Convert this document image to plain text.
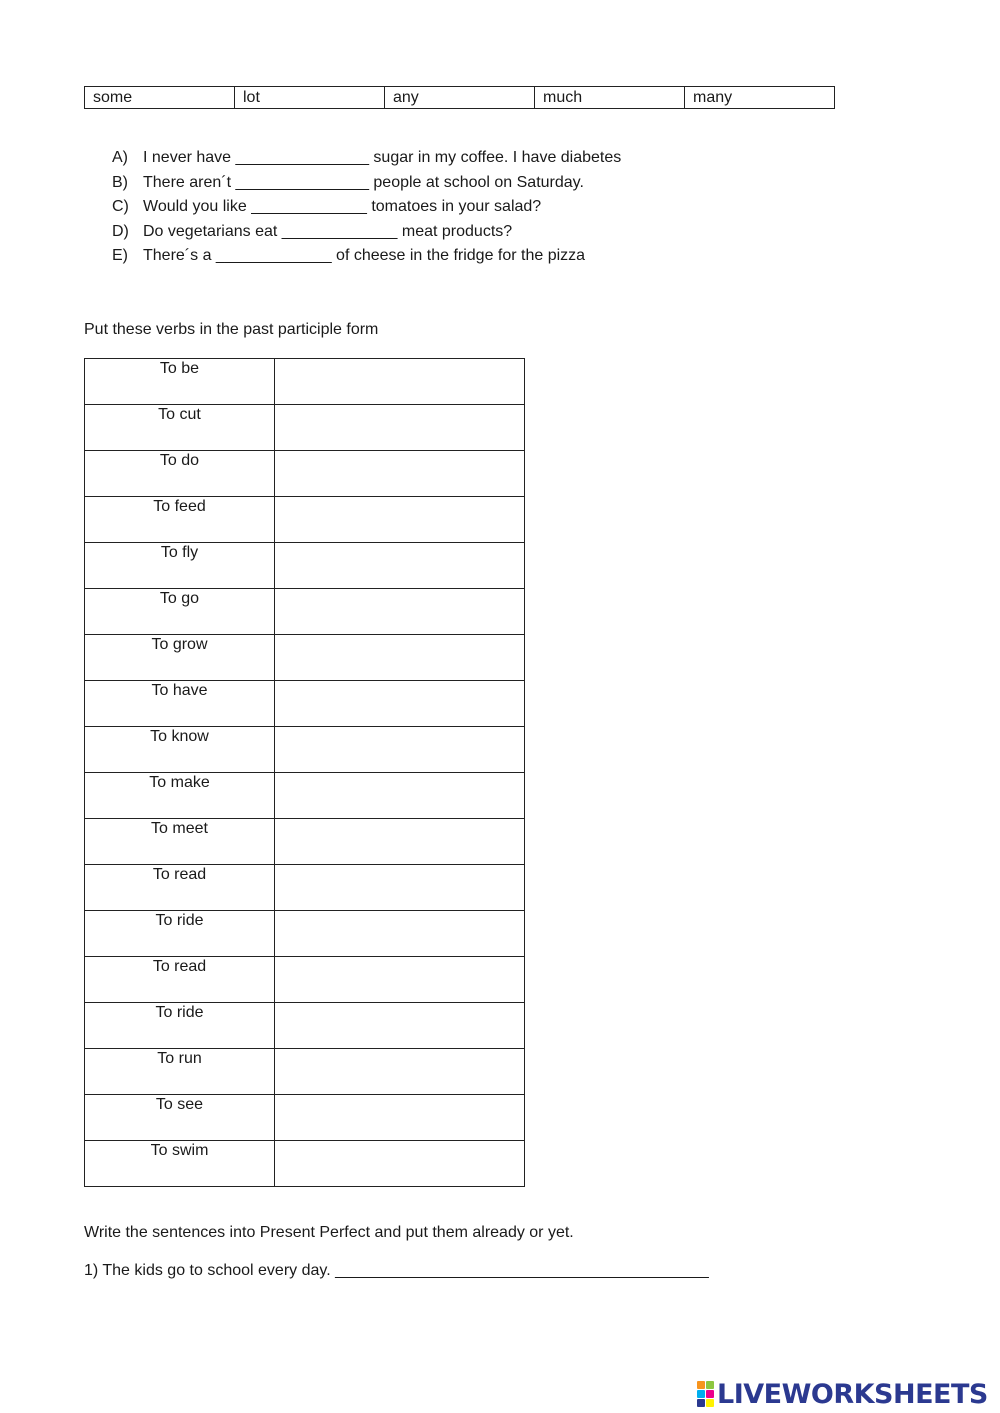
some	lot	any	much	many
A) I never have _______________ sugar in my coffee. I have diabetes
B) There aren´t _______________ people at school on Saturday.
C) Would you like _____________ tomatoes in your salad?
D) Do vegetarians eat _____________ meat products?
E) There´s a _____________ of cheese in the fridge for the pizza

Put these verbs in the past participle form

To be	
To cut	
To do	
To feed	
To fly	
To go	
To grow	
To have	
To know	
To make	
To meet	
To read	
To ride	
To read	
To ride	
To run	
To see	
To swim	

Write the sentences into Present Perfect and put them already or yet.

1) The kids go to school every day. __________________________________________
LIVEWORKSHEETS
